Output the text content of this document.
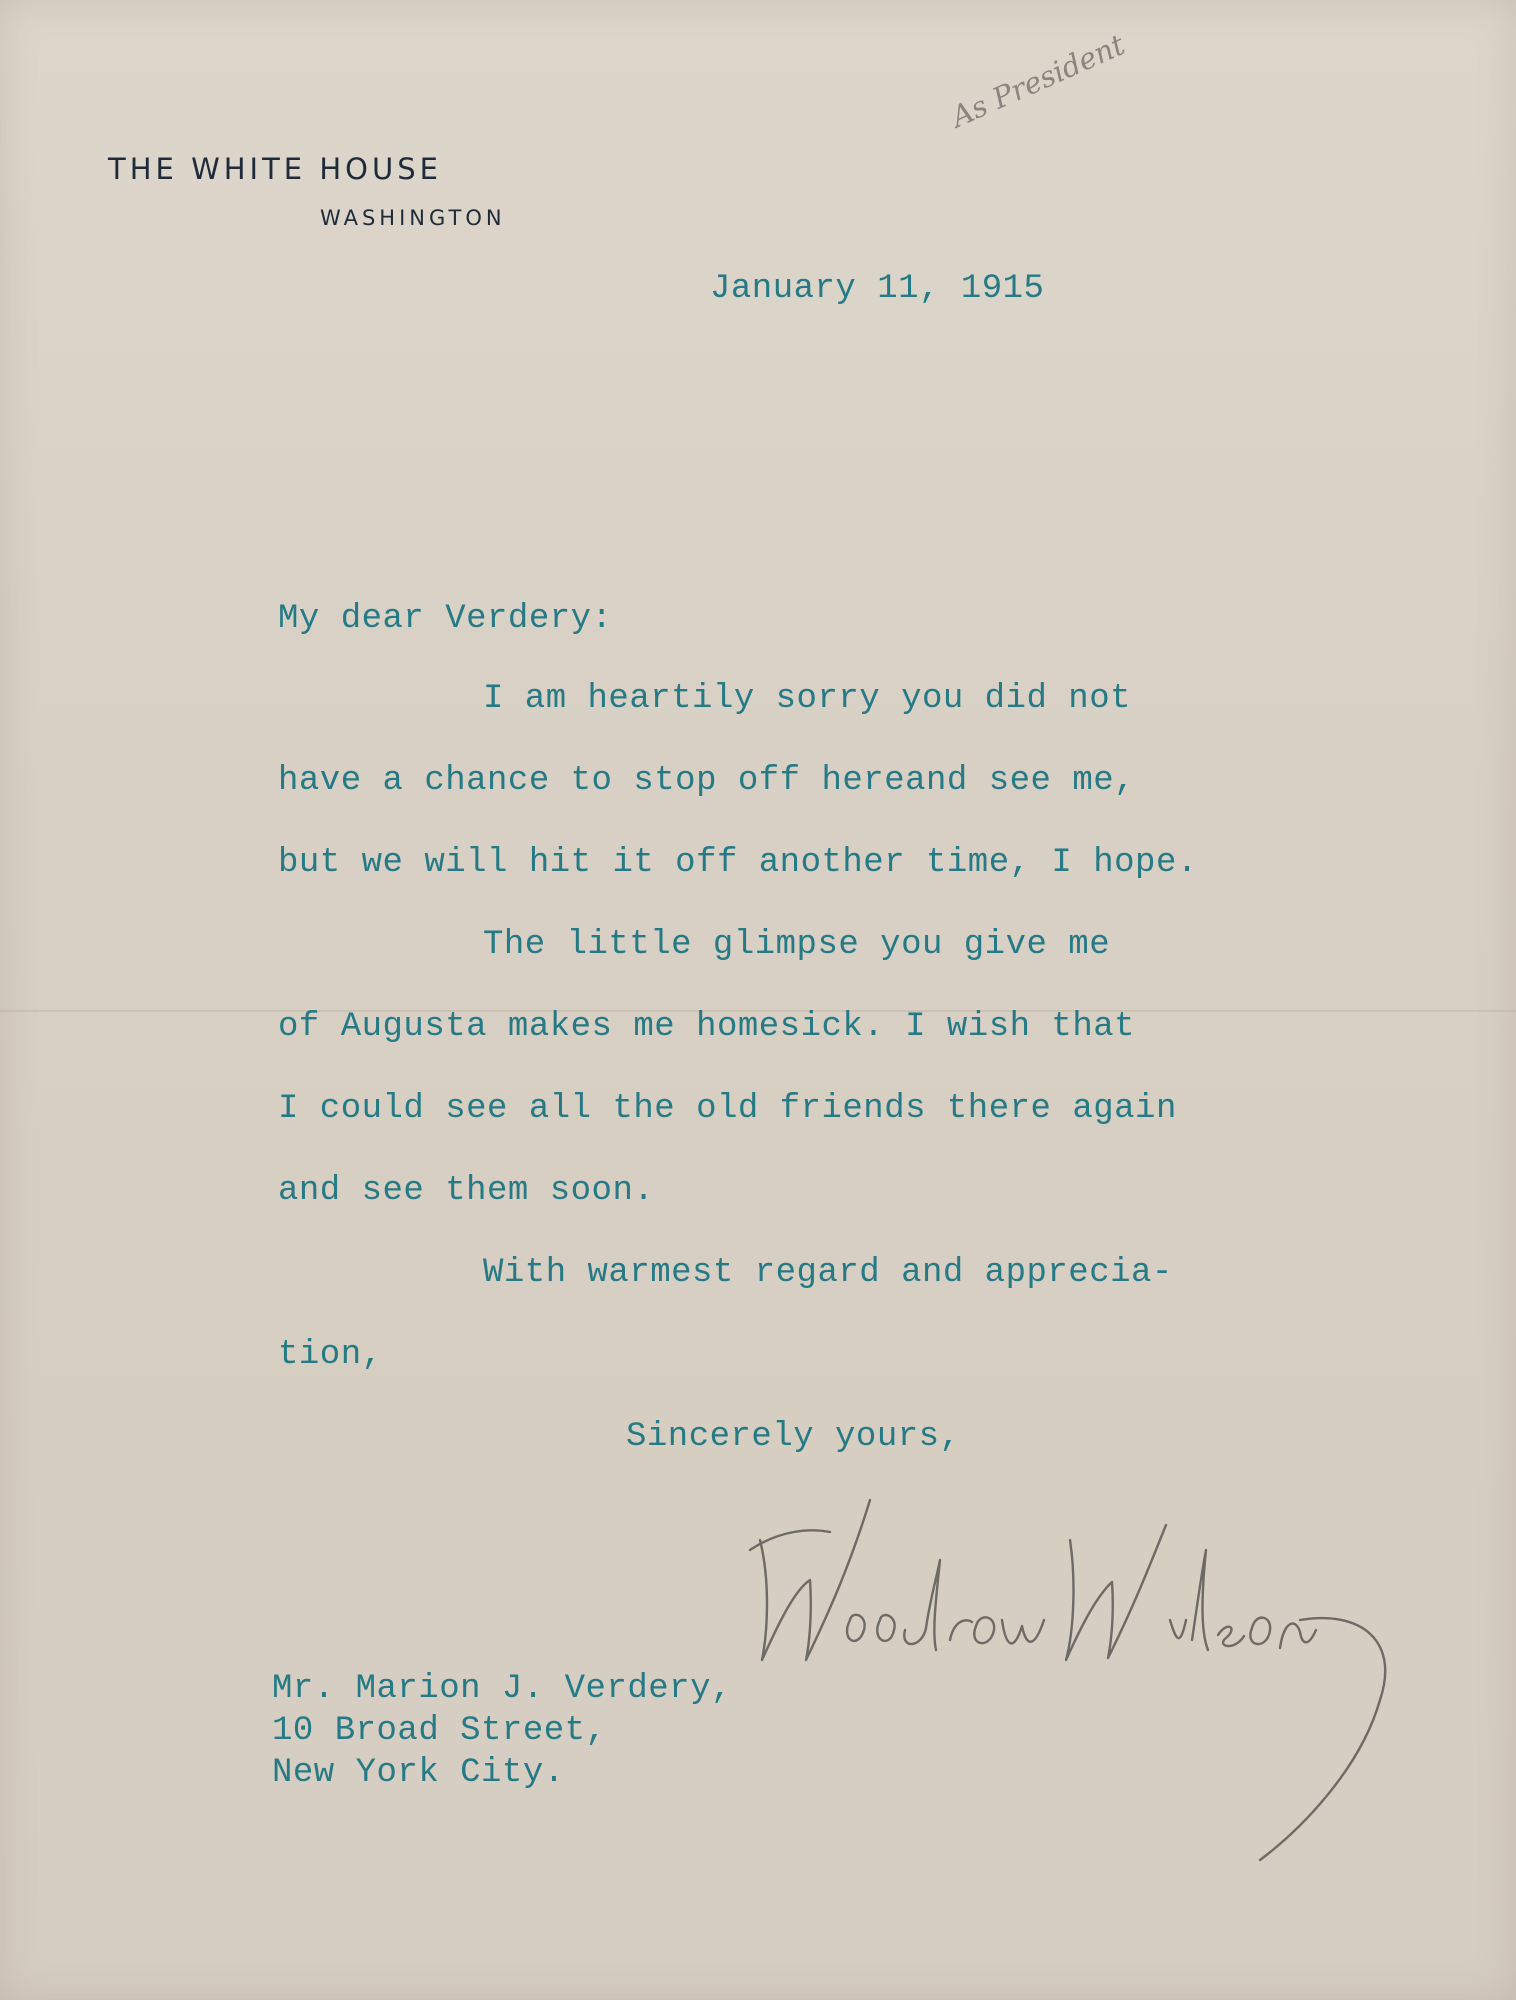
THE WHITE HOUSE
WASHINGTON
As President
January 11, 1915
My dear Verdery:
I am heartily sorry you did not
have a chance to stop off hereand see me,
but we will hit it off another time, I hope.
The little glimpse you give me
of Augusta makes me homesick. I wish that
I could see all the old friends there again
and see them soon.
With warmest regard and apprecia-
tion,
Sincerely yours,
Mr. Marion J. Verdery,
10 Broad Street,
New York City.
